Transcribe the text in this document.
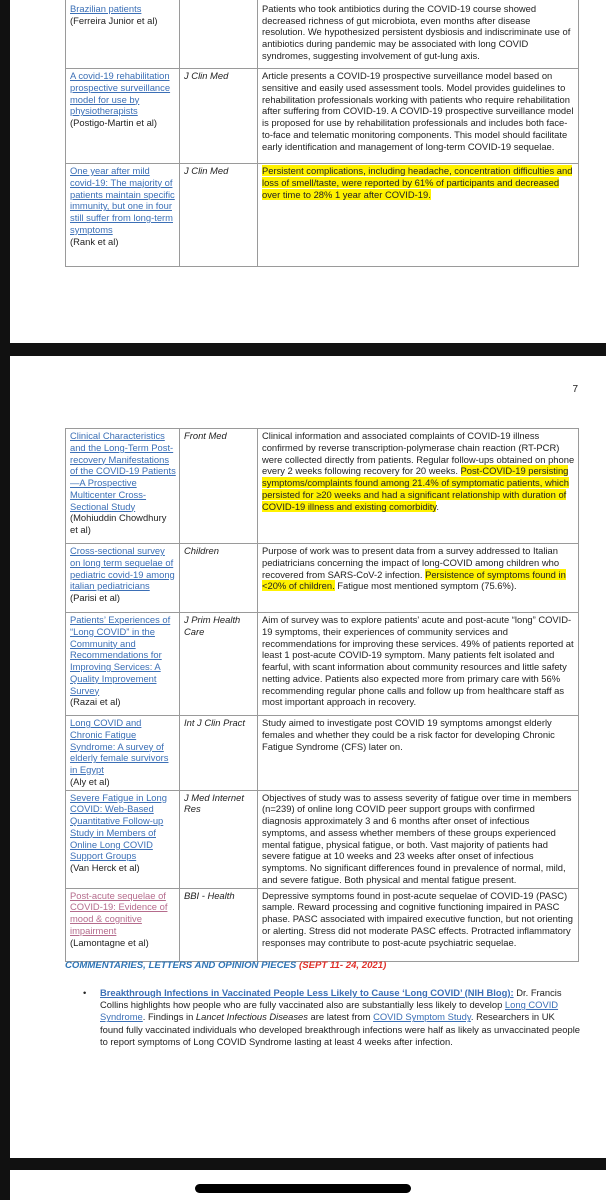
Brazilian patients
(Ferreira Junior et al)		Patients who took antibiotics during the COVID-19 course showed decreased richness of gut microbiota, even months after disease resolution. We hypothesized persistent dysbiosis and indiscriminate use of antibiotics during pandemic may be associated with long COVID syndromes, suggesting involvement of gut-lung axis.
A covid-19 rehabilitation prospective surveillance model for use by physiotherapists
(Postigo-Martin et al)	J Clin Med	Article presents a COVID-19 prospective surveillance model based on sensitive and easily used assessment tools. Model provides guidelines to rehabilitation professionals working with patients who require rehabilitation after suffering from COVID-19. A COVID-19 prospective surveillance model is proposed for use by rehabilitation professionals and includes both face-to-face and telematic monitoring components. This model should facilitate early identification and management of long-term COVID-19 sequelae.
One year after mild covid-19: The majority of patients maintain specific immunity, but one in four still suffer from long-term symptoms
(Rank et al)	J Clin Med	Persistent complications, including headache, concentration difficulties and loss of smell/taste, were reported by 61% of participants and decreased over time to 28% 1 year after COVID-19.
7
Clinical Characteristics and the Long-Term Post-recovery Manifestations of the COVID-19 Patients—A Prospective Multicenter Cross-Sectional Study
(Mohiuddin Chowdhury et al)	Front Med	Clinical information and associated complaints of COVID-19 illness confirmed by reverse transcription-polymerase chain reaction (RT-PCR) were collected directly from patients. Regular follow-ups obtained on phone every 2 weeks following recovery for 20 weeks. Post-COVID-19 persisting symptoms/complaints found among 21.4% of symptomatic patients, which persisted for ≥20 weeks and had a significant relationship with duration of COVID-19 illness and existing comorbidity.
Cross-sectional survey on long term sequelae of pediatric covid-19 among italian pediatricians
(Parisi et al)	Children	Purpose of work was to present data from a survey addressed to Italian pediatricians concerning the impact of long-COVID among children who recovered from SARS-CoV-2 infection. Persistence of symptoms found in <20% of children. Fatigue most mentioned symptom (75.6%).
Patients’ Experiences of “Long COVID” in the Community and Recommendations for Improving Services: A Quality Improvement Survey
(Razai et al)	J Prim Health Care	Aim of survey was to explore patients’ acute and post-acute “long” COVID-19 symptoms, their experiences of community services and recommendations for improving these services. 49% of patients reported at least 1 post-acute COVID-19 symptom. Many patients felt isolated and fearful, with scant information about community resources and little safety netting advice. Patients also expected more from primary care with 56% recommending regular phone calls and follow up from healthcare staff as most important approach in recovery.
Long COVID and Chronic Fatigue Syndrome: A survey of elderly female survivors in Egypt
(Aly et al)	Int J Clin Pract	Study aimed to investigate post COVID 19 symptoms amongst elderly females and whether they could be a risk factor for developing Chronic Fatigue Syndrome (CFS) later on.
Severe Fatigue in Long COVID: Web-Based Quantitative Follow-up Study in Members of Online Long COVID Support Groups
(Van Herck et al)	J Med Internet Res	Objectives of study was to assess severity of fatigue over time in members (n=239) of online long COVID peer support groups with confirmed diagnosis approximately 3 and 6 months after onset of infectious symptoms, and assess whether members of these groups experienced mental fatigue, physical fatigue, or both. Vast majority of patients had severe fatigue at 10 weeks and 23 weeks after onset of infectious symptoms. No significant differences found in prevalence of normal, mild, and severe fatigue. Both physical and mental fatigue present.
Post-acute sequelae of COVID-19: Evidence of mood & cognitive impairment
(Lamontagne et al)	BBI - Health	Depressive symptoms found in post-acute sequelae of COVID-19 (PASC) sample. Reward processing and cognitive functioning impaired in PASC phase. PASC associated with impaired executive function, but not orienting or alerting. Stress did not moderate PASC effects. Protracted inflammatory responses may contribute to post-acute psychiatric sequelae.
COMMENTARIES, LETTERS AND OPINION PIECES (SEPT 11- 24, 2021)
• Breakthrough Infections in Vaccinated People Less Likely to Cause ‘Long COVID’ (NIH Blog): Dr. Francis Collins highlights how people who are fully vaccinated also are substantially less likely to develop Long COVID Syndrome. Findings in Lancet Infectious Diseases are latest from COVID Symptom Study. Researchers in UK found fully vaccinated individuals who developed breakthrough infections were half as likely as unvaccinated people to report symptoms of Long COVID Syndrome lasting at least 4 weeks after infection.
